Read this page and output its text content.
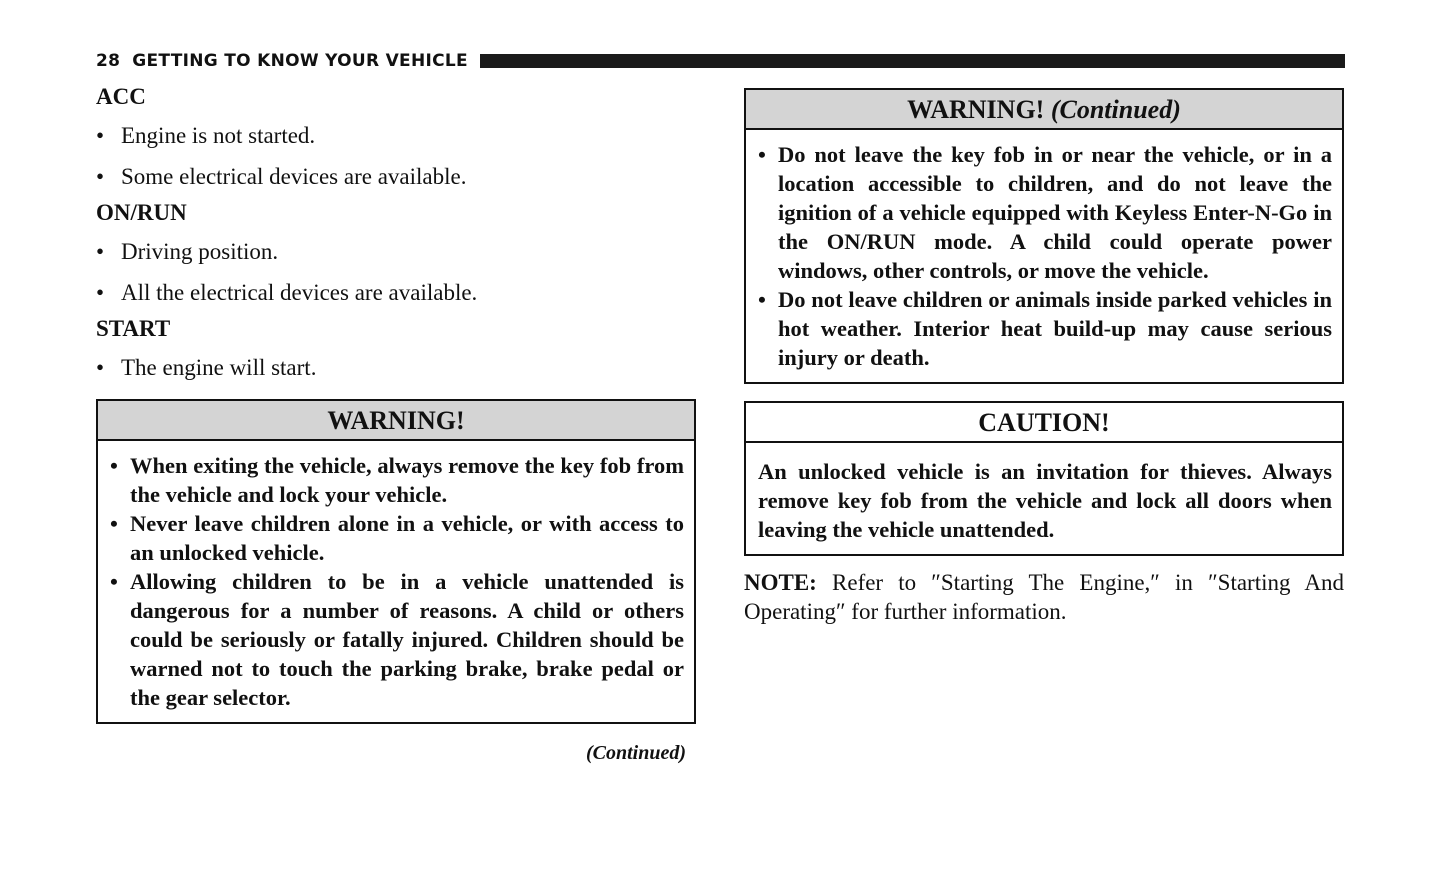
28 GETTING TO KNOW YOUR VEHICLE
ACC
• Engine is not started.
• Some electrical devices are available.
ON/RUN
• Driving position.
• All the electrical devices are available.
START
• The engine will start.
WARNING!
• When exiting the vehicle, always remove the key fob from the vehicle and lock your vehicle.
• Never leave children alone in a vehicle, or with access to an unlocked vehicle.
• Allowing children to be in a vehicle unattended is dangerous for a number of reasons. A child or others could be seriously or fatally injured. Children should be warned not to touch the parking brake, brake pedal or the gear selector.
(Continued)
WARNING! (Continued)
• Do not leave the key fob in or near the vehicle, or in a location accessible to children, and do not leave the ignition of a vehicle equipped with Keyless Enter-N-Go in the ON/RUN mode. A child could operate power windows, other controls, or move the vehicle.
• Do not leave children or animals inside parked vehicles in hot weather. Interior heat build-up may cause serious injury or death.
CAUTION!
An unlocked vehicle is an invitation for thieves. Always remove key fob from the vehicle and lock all doors when leaving the vehicle unattended.
NOTE: Refer to ″Starting The Engine,″ in ″Starting And Operating″ for further information.
